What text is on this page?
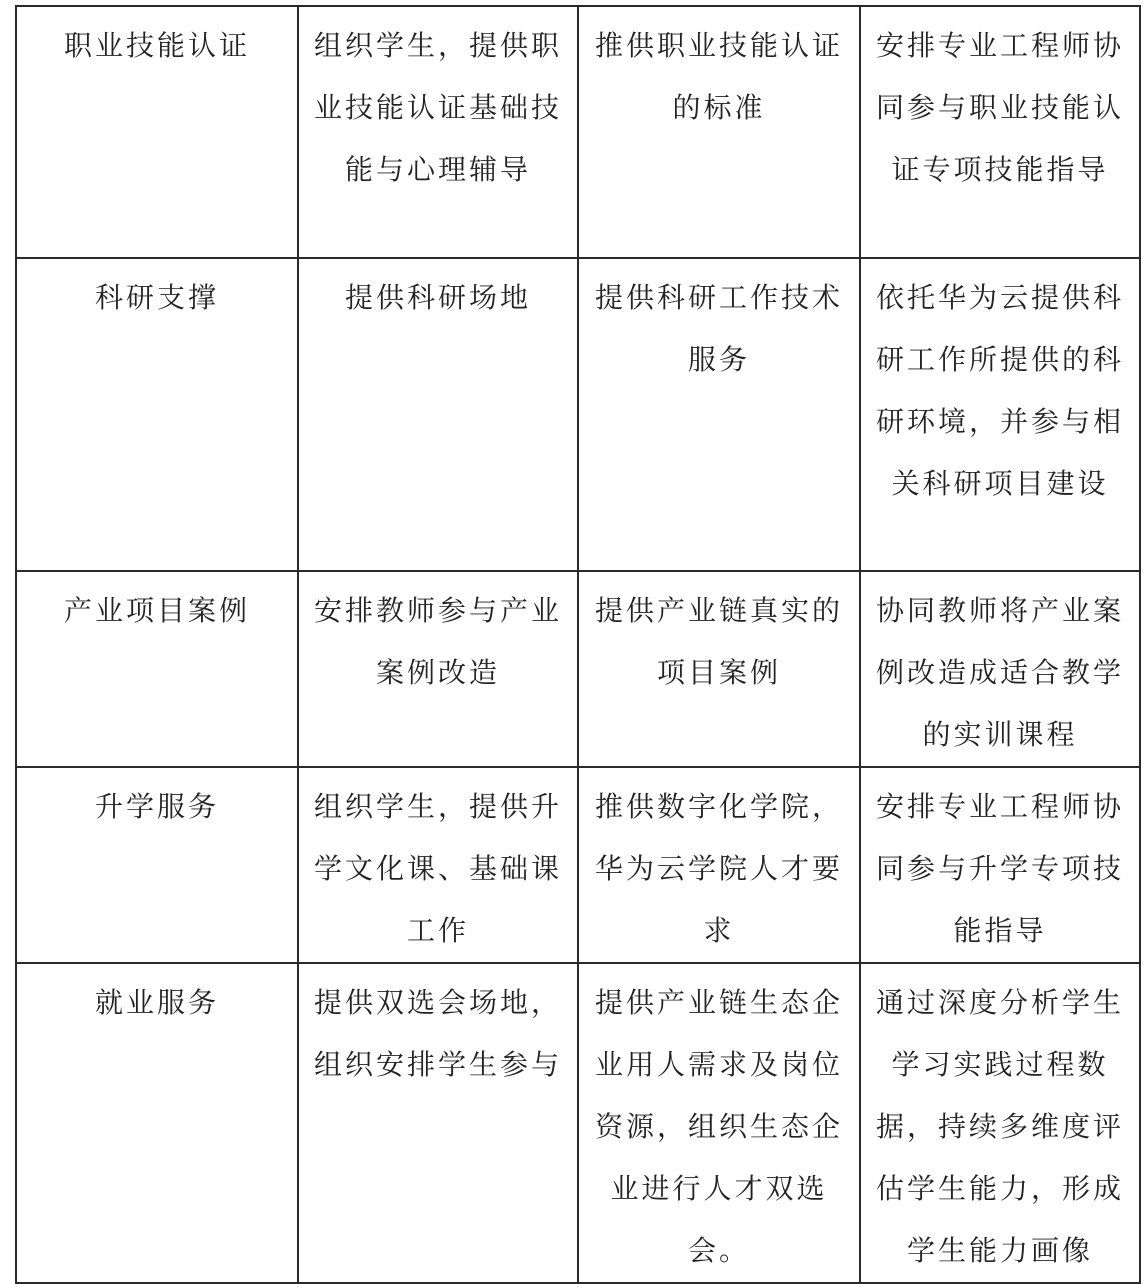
职业技能认证	组织学生，提供职业技能认证基础技能与心理辅导	推供职业技能认证的标准	安排专业工程师协同参与职业技能认证专项技能指导

科研支撑	提供科研场地	提供科研工作技术服务	依托华为云提供科研工作所提供的科研环境，并参与相关科研项目建设

产业项目案例	安排教师参与产业案例改造	提供产业链真实的项目案例	协同教师将产业案例改造成适合教学的实训课程

升学服务	组织学生，提供升学文化课、基础课工作	推供数字化学院，华为云学院人才要求	安排专业工程师协同参与升学专项技能指导

就业服务	提供双选会场地，组织安排学生参与	提供产业链生态企业用人需求及岗位资源，组织生态企业进行人才双选会。	通过深度分析学生学习实践过程数据，持续多维度评估学生能力，形成学生能力画像
